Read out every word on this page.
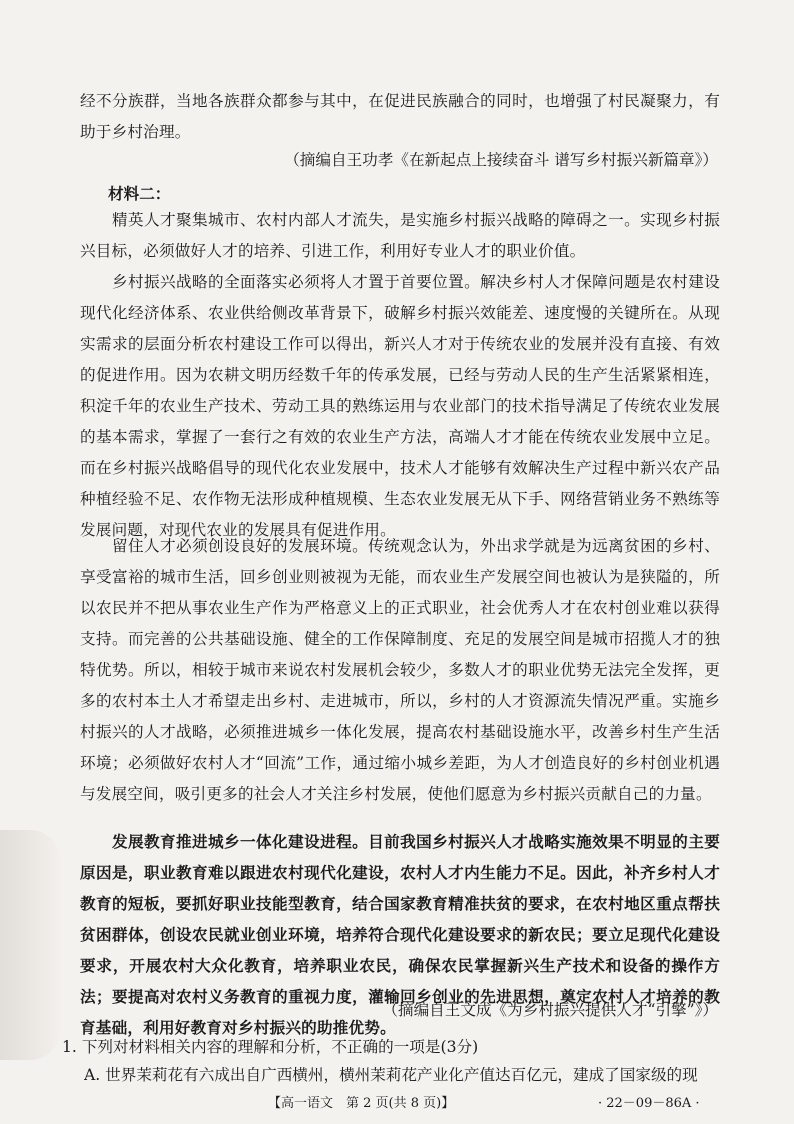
经不分族群，当地各族群众都参与其中，在促进民族融合的同时，也增强了村民凝聚力，有助于乡村治理。

（摘编自王功孝《在新起点上接续奋斗 谱写乡村振兴新篇章》）

材料二：

精英人才聚集城市、农村内部人才流失，是实施乡村振兴战略的障碍之一。实现乡村振兴目标，必须做好人才的培养、引进工作，利用好专业人才的职业价值。

乡村振兴战略的全面落实必须将人才置于首要位置。解决乡村人才保障问题是农村建设现代化经济体系、农业供给侧改革背景下，破解乡村振兴效能差、速度慢的关键所在。从现实需求的层面分析农村建设工作可以得出，新兴人才对于传统农业的发展并没有直接、有效的促进作用。因为农耕文明历经数千年的传承发展，已经与劳动人民的生产生活紧紧相连，积淀千年的农业生产技术、劳动工具的熟练运用与农业部门的技术指导满足了传统农业发展的基本需求，掌握了一套行之有效的农业生产方法，高端人才才能在传统农业发展中立足。而在乡村振兴战略倡导的现代化农业发展中，技术人才能够有效解决生产过程中新兴农产品种植经验不足、农作物无法形成种植规模、生态农业发展无从下手、网络营销业务不熟练等发展问题，对现代农业的发展具有促进作用。

留住人才必须创设良好的发展环境。传统观念认为，外出求学就是为远离贫困的乡村、享受富裕的城市生活，回乡创业则被视为无能，而农业生产发展空间也被认为是狭隘的，所以农民并不把从事农业生产作为严格意义上的正式职业，社会优秀人才在农村创业难以获得支持。而完善的公共基础设施、健全的工作保障制度、充足的发展空间是城市招揽人才的独特优势。所以，相较于城市来说农村发展机会较少，多数人才的职业优势无法完全发挥，更多的农村本土人才希望走出乡村、走进城市，所以，乡村的人才资源流失情况严重。实施乡村振兴的人才战略，必须推进城乡一体化发展，提高农村基础设施水平，改善乡村生产生活环境；必须做好农村人才“回流”工作，通过缩小城乡差距，为人才创造良好的乡村创业机遇与发展空间，吸引更多的社会人才关注乡村发展，使他们愿意为乡村振兴贡献自己的力量。

发展教育推进城乡一体化建设进程。目前我国乡村振兴人才战略实施效果不明显的主要原因是，职业教育难以跟进农村现代化建设，农村人才内生能力不足。因此，补齐乡村人才教育的短板，要抓好职业技能型教育，结合国家教育精准扶贫的要求，在农村地区重点帮扶贫困群体，创设农民就业创业环境，培养符合现代化建设要求的新农民；要立足现代化建设要求，开展农村大众化教育，培养职业农民，确保农民掌握新兴生产技术和设备的操作方法；要提高对农村义务教育的重视力度，灌输回乡创业的先进思想，奠定农村人才培养的教育基础，利用好教育对乡村振兴的助推优势。

（摘编自王文成《为乡村振兴提供人才“引擎”》）

1. 下列对材料相关内容的理解和分析，不正确的一项是(3分)

A. 世界茉莉花有六成出自广西横州，横州茉莉花产业化产值达百亿元，建成了国家级的现

【高一语文　第 2 页(共 8 页)】	· 22－09－86A ·
